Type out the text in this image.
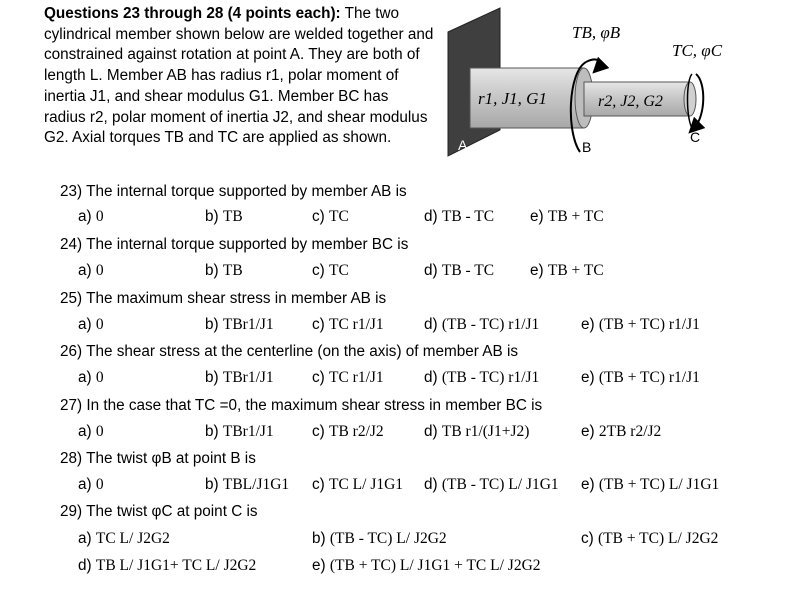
Questions 23 through 28 (4 points each): The two cylindrical member shown below are welded together and constrained against rotation at point A. They are both of length L. Member AB has radius r1, polar moment of inertia J1, and shear modulus G1. Member BC has radius r2, polar moment of inertia J2, and shear modulus G2. Axial torques TB and TC are applied as shown.
TB, φB
TC, φC
r1, J1, G1	r2, J2, G2
A	B
C
23) The internal torque supported by member AB is
a) 0	b) TB	c) TC	d) TB - TC e) TB + TC
24) The internal torque supported by member BC is
a) 0	b) TB	c) TC	d) TB - TC e) TB + TC
25) The maximum shear stress in member AB is
a) 0	b) TBr1/J1	c) TC r1/J1	d) (TB - TC) r1/J1	e) (TB + TC) r1/J1
26) The shear stress at the centerline (on the axis) of member AB is
a) 0	b) TBr1/J1	c) TC r1/J1	d) (TB - TC) r1/J1	e) (TB + TC) r1/J1
27) In the case that TC =0, the maximum shear stress in member BC is
a) 0	b) TBr1/J1	c) TB r2/J2	d) TB r1/(J1+J2)	e) 2TB r2/J2
28) The twist φB at point B is
a) 0	b) TBL/J1G1 c) TC L/ J1G1 d) (TB - TC) L/ J1G1 e) (TB + TC) L/ J1G1
29) The twist φC at point C is
a) TC L/ J2G2	b) (TB - TC) L/ J2G2	c) (TB + TC) L/ J2G2
d) TB L/ J1G1+ TC L/ J2G2	e) (TB + TC) L/ J1G1 + TC L/ J2G2
